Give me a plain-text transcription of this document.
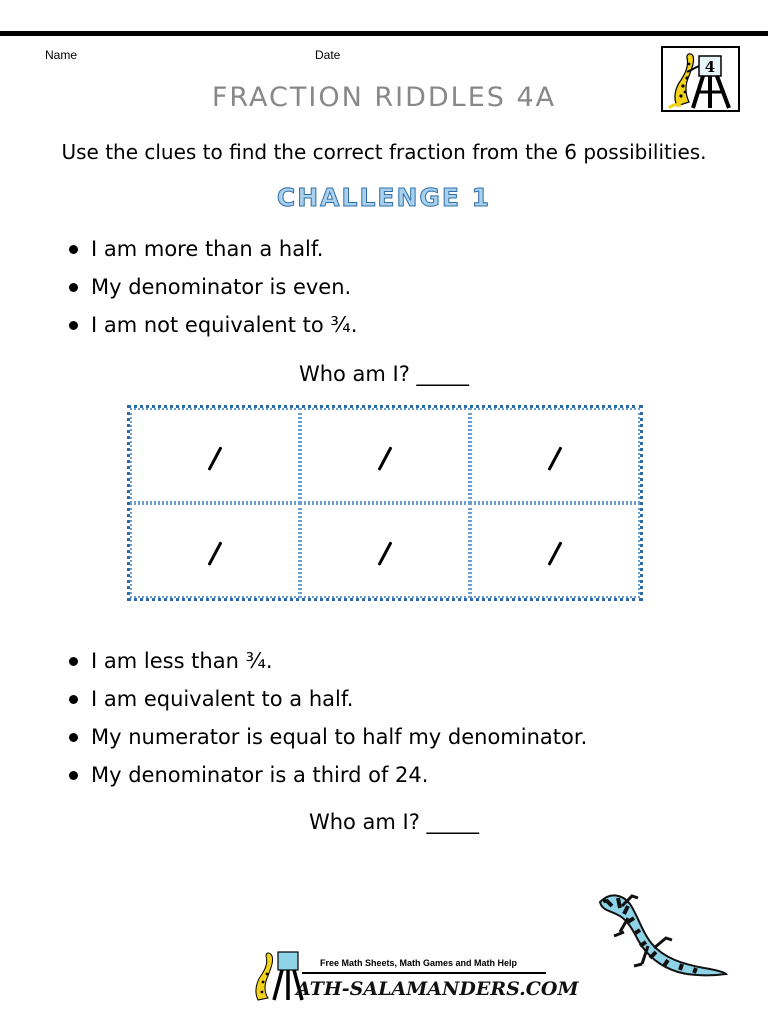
Name	Date
FRACTION RIDDLES 4A
4
Use the clues to find the correct fraction from the 6 possibilities.
CHALLENGE 1
I am more than a half.
My denominator is even.
I am not equivalent to ¾.
Who am I? _____
I am less than ¾.
I am equivalent to a half.
My numerator is equal to half my denominator.
My denominator is a third of 24.
Who am I? _____
Free Math Sheets, Math Games and Math Help
ATH-SALAMANDERS.COM
